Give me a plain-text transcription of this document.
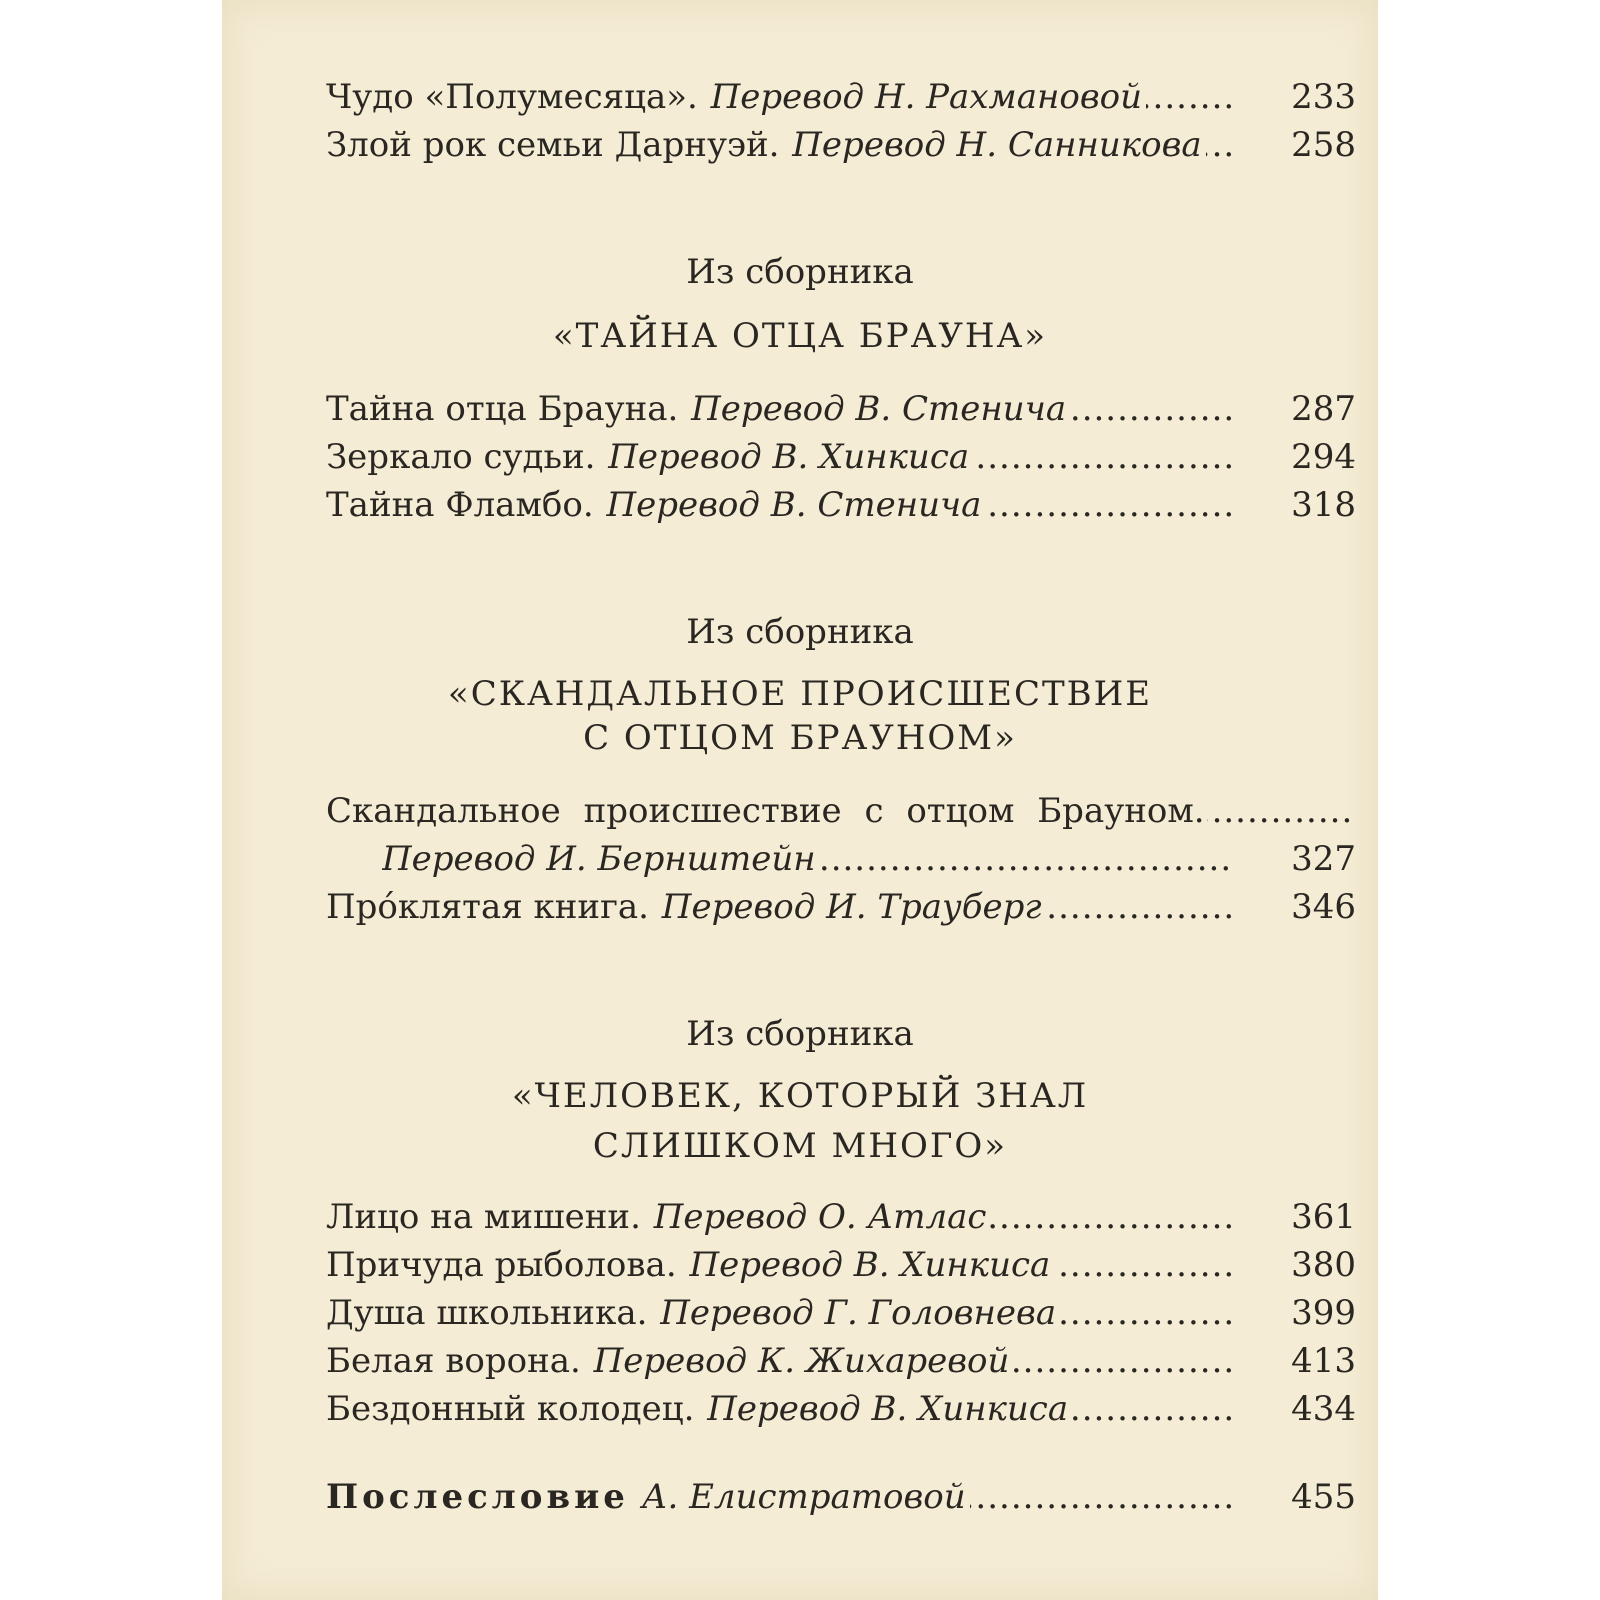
Чудо «Полумесяца». Перевод Н. Рахмановой .....	233
Злой рок семьи Дарнуэй. Перевод Н. Санникова .....	258
Из сборника
«ТАЙНА ОТЦА БРАУНА»
Тайна отца Брауна. Перевод В. Стенича .....	287
Зеркало судьи. Перевод В. Хинкиса .....	294
Тайна Фламбо. Перевод В. Стенича .....	318
Из сборника
«СКАНДАЛЬНОЕ ПРОИСШЕСТВИЕ
С ОТЦОМ БРАУНОМ»
Скандальное происшествие с отцом Брауном. .....
Перевод И. Бернштейн .....	327
Прóклятая книга. Перевод И. Трауберг .....	346
Из сборника
«ЧЕЛОВЕК, КОТОРЫЙ ЗНАЛ
СЛИШКОМ МНОГО»
Лицо на мишени. Перевод О. Атлас .....	361
Причуда рыболова. Перевод В. Хинкиса .....	380
Душа школьника. Перевод Г. Головнева .....	399
Белая ворона. Перевод К. Жихаревой .....	413
Бездонный колодец. Перевод В. Хинкиса .....	434
Послесловие А. Елистратовой .....	455
